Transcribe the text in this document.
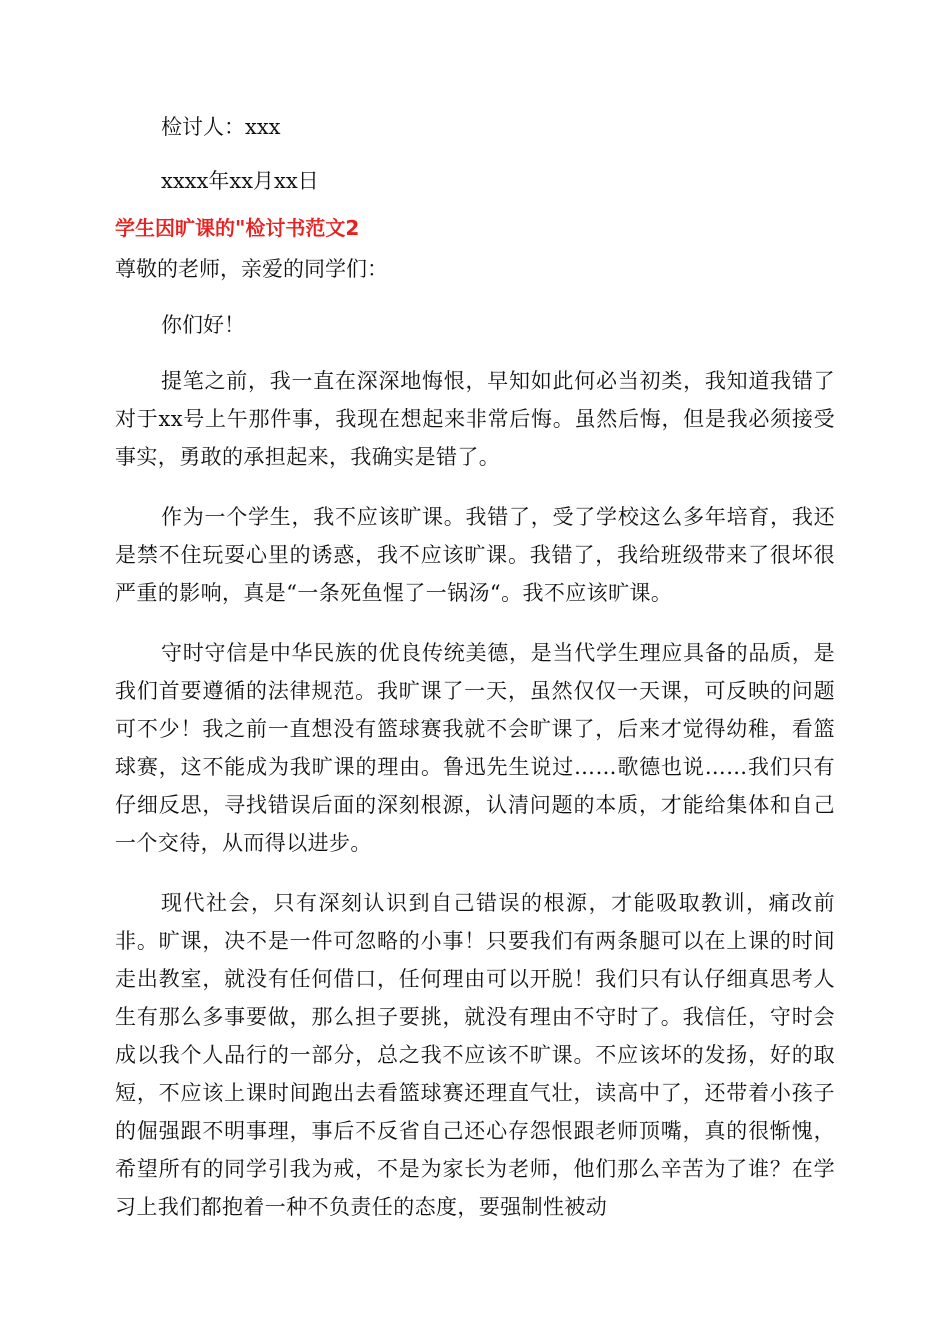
检讨人：xxx

xxxx年xx月xx日

学生因旷课的"检讨书范文2

尊敬的老师，亲爱的同学们：

你们好！

提笔之前，我一直在深深地悔恨，早知如此何必当初类，我知道我错了对于xx号上午那件事，我现在想起来非常后悔。虽然后悔，但是我必须接受事实，勇敢的承担起来，我确实是错了。

作为一个学生，我不应该旷课。我错了，受了学校这么多年培育，我还是禁不住玩耍心里的诱惑，我不应该旷课。我错了，我给班级带来了很坏很严重的影响，真是“一条死鱼惺了一锅汤“。我不应该旷课。

守时守信是中华民族的优良传统美德，是当代学生理应具备的品质，是我们首要遵循的法律规范。我旷课了一天，虽然仅仅一天课，可反映的问题可不少！我之前一直想没有篮球赛我就不会旷课了，后来才觉得幼稚，看篮球赛，这不能成为我旷课的理由。鲁迅先生说过……歌德也说……我们只有仔细反思，寻找错误后面的深刻根源，认清问题的本质，才能给集体和自己一个交待，从而得以进步。

现代社会，只有深刻认识到自己错误的根源，才能吸取教训，痛改前非。旷课，决不是一件可忽略的小事！只要我们有两条腿可以在上课的时间走出教室，就没有任何借口，任何理由可以开脱！我们只有认仔细真思考人生有那么多事要做，那么担子要挑，就没有理由不守时了。我信任，守时会成以我个人品行的一部分，总之我不应该不旷课。不应该坏的发扬，好的取短，不应该上课时间跑出去看篮球赛还理直气壮，读高中了，还带着小孩子的倔强跟不明事理，事后不反省自己还心存怨恨跟老师顶嘴，真的很惭愧，希望所有的同学引我为戒，不是为家长为老师，他们那么辛苦为了谁？在学习上我们都抱着一种不负责任的态度，要强制性被动
